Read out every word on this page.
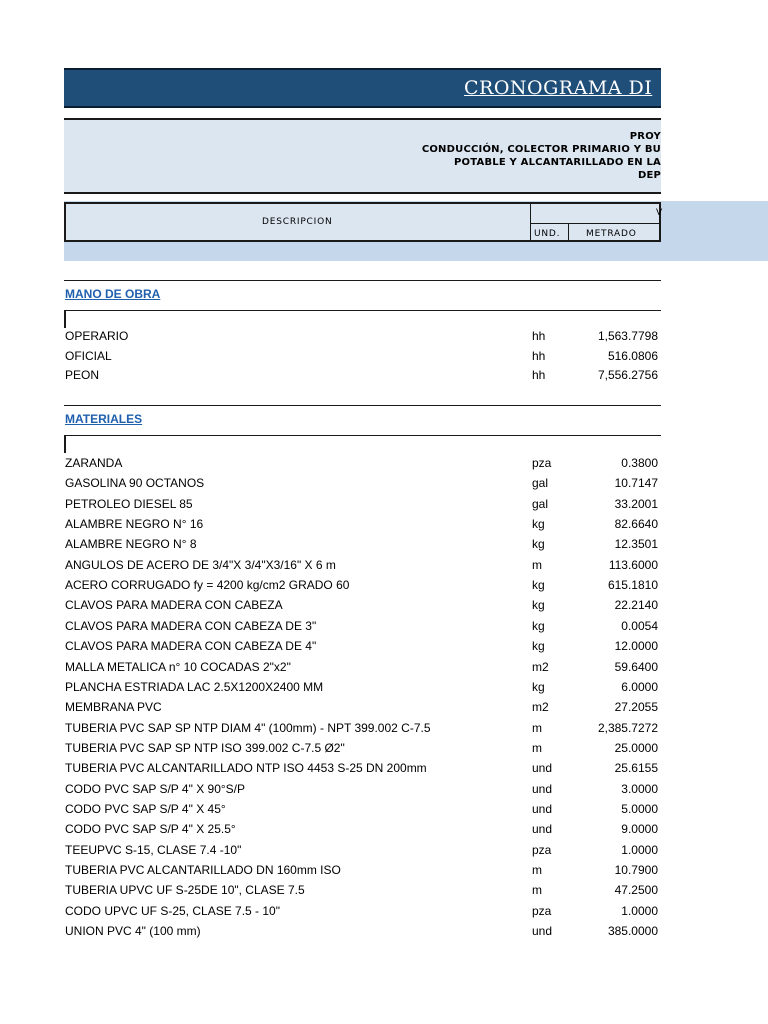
CRONOGRAMA DI
PROY
CONDUCCIÓN, COLECTOR PRIMARIO Y BU
POTABLE Y ALCANTARILLADO EN LA
DEP
DESCRIPCION
V
UND.	METRADO
MANO DE OBRA
OPERARIO	hh	1,563.7798
OFICIAL	hh	516.0806
PEON	hh	7,556.2756
MATERIALES
ZARANDA	pza	0.3800
GASOLINA 90 OCTANOS	gal	10.7147
PETROLEO DIESEL 85	gal	33.2001
ALAMBRE NEGRO N° 16	kg	82.6640
ALAMBRE NEGRO N° 8	kg	12.3501
ANGULOS DE ACERO DE 3/4"X 3/4"X3/16" X 6 m	m	113.6000
ACERO CORRUGADO fy = 4200 kg/cm2 GRADO 60	kg	615.1810
CLAVOS PARA MADERA CON CABEZA	kg	22.2140
CLAVOS PARA MADERA CON CABEZA DE 3"	kg	0.0054
CLAVOS PARA MADERA CON CABEZA DE 4"	kg	12.0000
MALLA METALICA n° 10 COCADAS 2"x2"	m2	59.6400
PLANCHA ESTRIADA LAC 2.5X1200X2400 MM	kg	6.0000
MEMBRANA PVC	m2	27.2055
TUBERIA PVC SAP SP NTP DIAM 4" (100mm) - NPT 399.002 C-7.5	m	2,385.7272
TUBERIA PVC SAP SP NTP ISO 399.002 C-7.5 Ø2"	m	25.0000
TUBERIA PVC ALCANTARILLADO NTP ISO 4453 S-25 DN 200mm	und	25.6155
CODO PVC SAP S/P 4" X 90°S/P	und	3.0000
CODO PVC SAP S/P 4" X 45°	und	5.0000
CODO PVC SAP S/P 4" X 25.5°	und	9.0000
TEEUPVC S-15, CLASE 7.4 -10"	pza	1.0000
TUBERIA PVC ALCANTARILLADO DN 160mm ISO	m	10.7900
TUBERIA UPVC UF S-25DE 10", CLASE 7.5	m	47.2500
CODO UPVC UF S-25, CLASE 7.5 - 10"	pza	1.0000
UNION PVC 4" (100 mm)	und	385.0000
